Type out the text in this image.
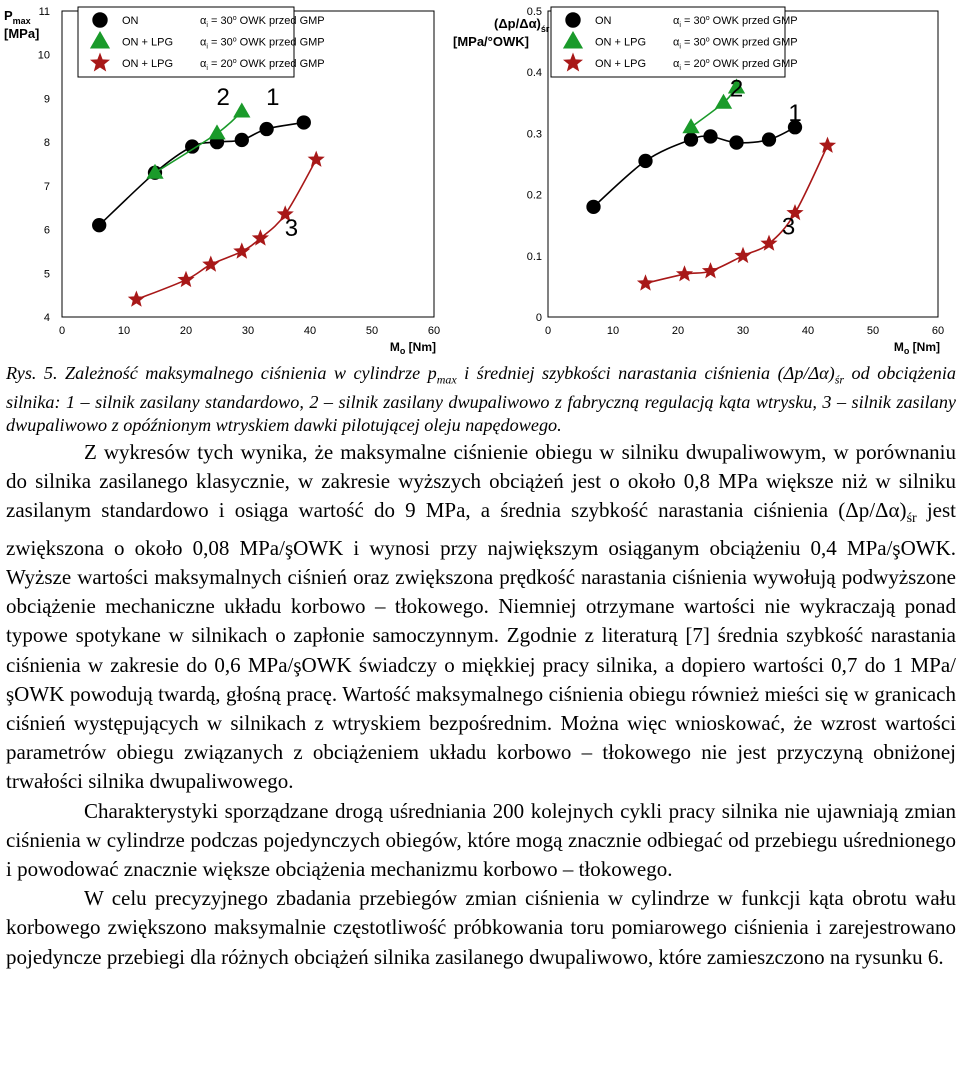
4
5
6
7
8
9
10
11
0	10	20	30	40	50	60
$M_o$ [Nm]
$P_{max}$
[MPa]
ON	$\alpha_i = 30^o$ OWK przed GMP
ON + LPG $\alpha_i = 30^o$ OWK przed GMP
ON + LPG $\alpha_i = 20^o$ OWK przed GMP
1
2
3
0
0.1
0.2
0.3
0.4
0.5
0	10	20	30	40	50	60
$M_o$ [Nm]
$(\Delta p/\Delta\alpha)_{śr}$
[MPa/°OWK]
ON	$\alpha_i = 30^o$ OWK przed GMP
ON + LPG $\alpha_i = 30^o$ OWK przed GMP
ON + LPG $\alpha_i = 20^o$ OWK przed GMP
1
2
3
Rys. 5. Zależność maksymalnego ciśnienia w cylindrze $p_{max}$ i średniej szybkości narastania ciśnienia $(\Delta p/\Delta\alpha)_{śr}$ od obciążenia silnika: 1 – silnik zasilany standardowo, 2 – silnik zasilany dwupaliwowo z fabryczną regulacją kąta wtrysku, 3 – silnik zasilany dwupaliwowo z opóźnionym wtryskiem dawki pilotującej oleju napędowego.

Z wykresów tych wynika, że maksymalne ciśnienie obiegu w silniku dwupaliwowym, w porównaniu do silnika zasilanego klasycznie, w zakresie wyższych obciążeń jest o około 0,8 MPa większe niż w silniku zasilanym standardowo i osiąga wartość do 9 MPa, a średnia szybkość narastania ciśnienia $(\Delta p/\Delta\alpha)_{śr}$ jest zwiększona o około 0,08 MPa/şOWK i wynosi przy największym osiąganym obciążeniu 0,4 MPa/şOWK. Wyższe wartości maksymalnych ciśnień oraz zwiększona prędkość narastania ciśnienia wywołują podwyższone obciążenie mechaniczne układu korbowo – tłokowego. Niemniej otrzymane wartości nie wykraczają ponad typowe spotykane w silnikach o zapłonie samoczynnym. Zgodnie z literaturą [7] średnia szybkość narastania ciśnienia w zakresie do 0,6 MPa/şOWK świadczy o miękkiej pracy silnika, a dopiero wartości 0,7 do 1 MPa/şOWK powodują twardą, głośną pracę. Wartość maksymalnego ciśnienia obiegu również mieści się w granicach ciśnień występujących w silnikach z wtryskiem bezpośrednim. Można więc wnioskować, że wzrost wartości parametrów obiegu związanych z obciążeniem układu korbowo – tłokowego nie jest przyczyną obniżonej trwałości silnika dwupaliwowego.

Charakterystyki sporządzane drogą uśredniania 200 kolejnych cykli pracy silnika nie ujawniają zmian ciśnienia w cylindrze podczas pojedynczych obiegów, które mogą znacznie odbiegać od przebiegu uśrednionego i powodować znacznie większe obciążenia mechanizmu korbowo – tłokowego.

W celu precyzyjnego zbadania przebiegów zmian ciśnienia w cylindrze w funkcji kąta obrotu wału korbowego zwiększono maksymalnie częstotliwość próbkowania toru pomiarowego ciśnienia i zarejestrowano pojedyncze przebiegi dla różnych obciążeń silnika zasilanego dwupaliwowo, które zamieszczono na rysunku 6.
